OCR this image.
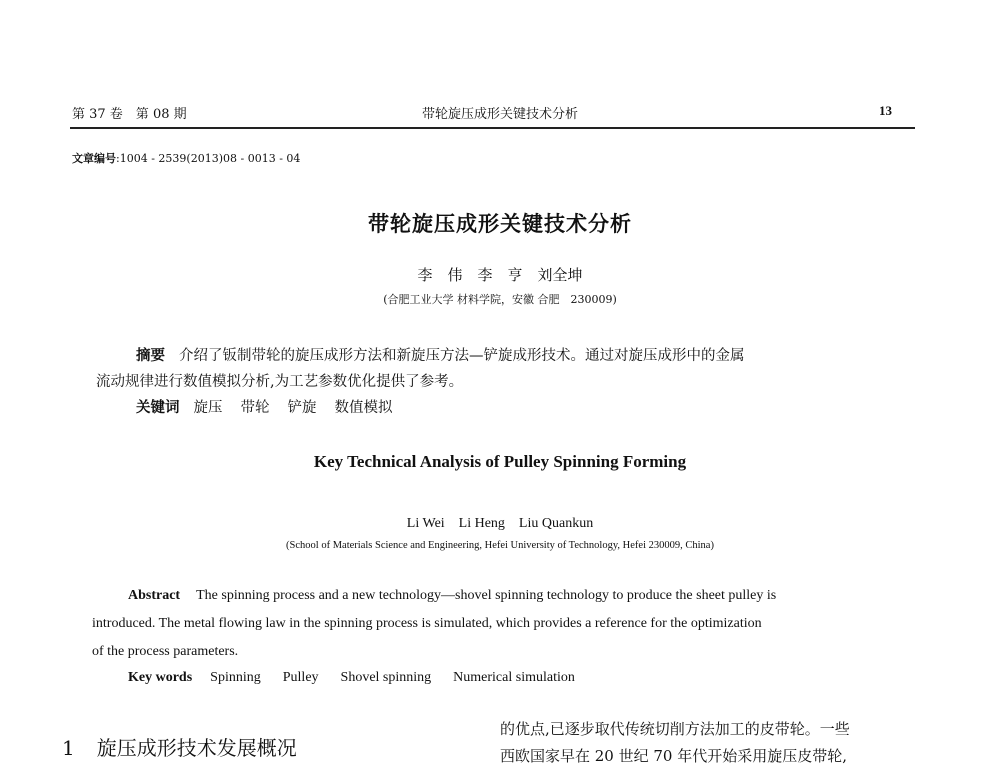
第 37 卷　第 08 期	带轮旋压成形关键技术分析	13
文章编号:1004 - 2539(2013)08 - 0013 - 04
带轮旋压成形关键技术分析
李　伟　李　亨　刘全坤
(合肥工业大学 材料学院，安徽 合肥　230009)
摘要 介绍了钣制带轮的旋压成形方法和新旋压方法—铲旋成形技术。通过对旋压成形中的金属
流动规律进行数值模拟分析,为工艺参数优化提供了参考。
关键词 旋压 带轮 铲旋 数值模拟
Key Technical Analysis of Pulley Spinning Forming
Li Wei　Li Heng　Liu Quankun
(School of Materials Science and Engineering, Hefei University of Technology, Hefei 230009, China)
Abstract The spinning process and a new technology—shovel spinning technology to produce the sheet pulley is
introduced. The metal flowing law in the spinning process is simulated, which provides a reference for the optimization
of the process parameters.
Key words Spinning Pulley Shovel spinning Numerical simulation
1 旋压成形技术发展概况
的优点,已逐步取代传统切削方法加工的皮带轮。一些
西欧国家早在 20 世纪 70 年代开始采用旋压皮带轮,
